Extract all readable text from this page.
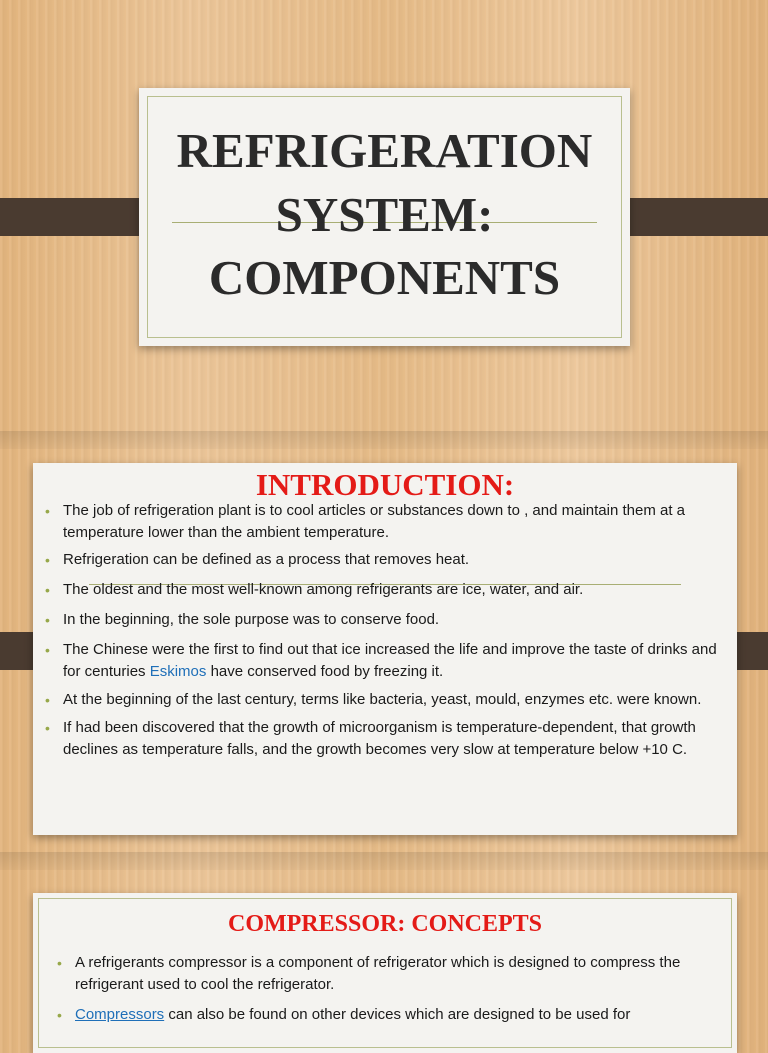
REFRIGERATION
SYSTEM:
COMPONENTS
INTRODUCTION:
• The job of refrigeration plant is to cool articles or substances down to , and maintain them at a temperature lower than the ambient temperature.
• Refrigeration can be defined as a process that removes heat.
• The oldest and the most well-known among refrigerants are ice, water, and air.
• In the beginning, the sole purpose was to conserve food.
• The Chinese were the first to find out that ice increased the life and improve the taste of drinks and for centuries Eskimos have conserved food by freezing it.
• At the beginning of the last century, terms like bacteria, yeast, mould, enzymes etc. were known.
• If had been discovered that the growth of microorganism is temperature-dependent, that growth declines as temperature falls, and the growth becomes very slow at temperature below +10 C.
COMPRESSOR: CONCEPTS
• A refrigerants compressor is a component of refrigerator which is designed to compress the refrigerant used to cool the refrigerator.
• Compressors can also be found on other devices which are designed to be used for
